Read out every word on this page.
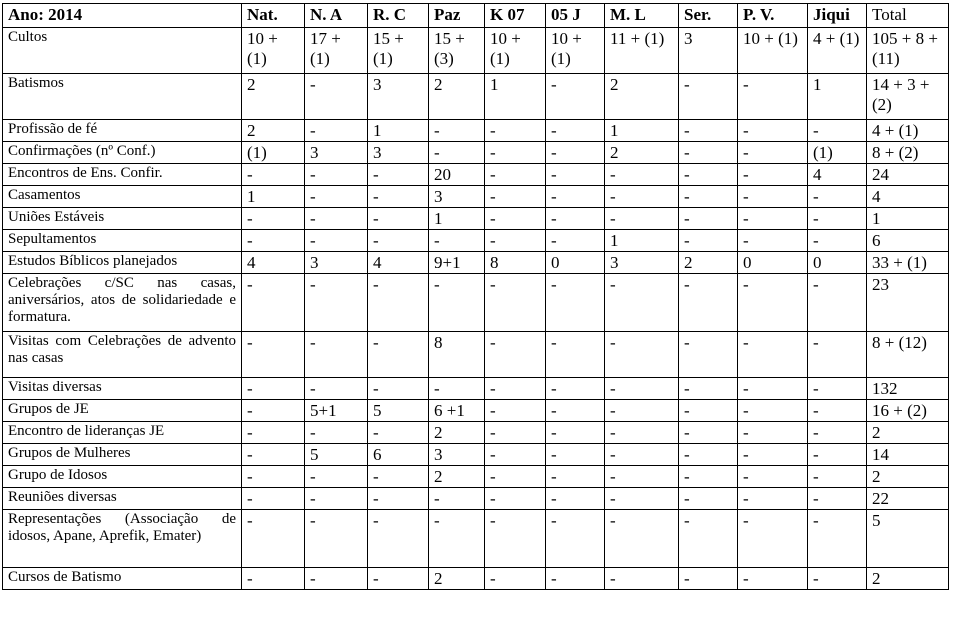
Ano: 2014	Nat.	N. A	R. C	Paz	K 07	05 J	M. L	Ser.	P. V.	Jiqui	Total
Cultos	10 + (1)	17 + (1)	15 + (1)	15 + (3)	10 + (1)	10 + (1)	11 + (1)	3	10 + (1)	4 + (1)	105 + 8 + (11)
Batismos	2	-	3	2	1	-	2	-	-	1	14 + 3 + (2)
Profissão de fé	2	-	1	-	-	-	1	-	-	-	4 + (1)
Confirmações (nº Conf.)	(1)	3	3	-	-	-	2	-	-	(1)	8 + (2)
Encontros de Ens. Confir.	-	-	-	20	-	-	-	-	-	4	24
Casamentos	1	-	-	3	-	-	-	-	-	-	4
Uniões Estáveis	-	-	-	1	-	-	-	-	-	-	1
Sepultamentos	-	-	-	-	-	-	1	-	-	-	6
Estudos Bíblicos planejados	4	3	4	9+1	8	0	3	2	0	0	33 + (1)
Celebrações c/SC nas casas, aniversários, atos de solidariedade e formatura.	-	-	-	-	-	-	-	-	-	-	23
Visitas com Celebrações de advento nas casas	-	-	-	8	-	-	-	-	-	-	8 + (12)
Visitas diversas	-	-	-	-	-	-	-	-	-	-	132
Grupos de JE	-	5+1	5	6 +1	-	-	-	-	-	-	16 + (2)
Encontro de lideranças JE	-	-	-	2	-	-	-	-	-	-	2
Grupos de Mulheres	-	5	6	3	-	-	-	-	-	-	14
Grupo de Idosos	-	-	-	2	-	-	-	-	-	-	2
Reuniões diversas	-	-	-	-	-	-	-	-	-	-	22
Representações (Associação de idosos, Apane, Aprefik, Emater)	-	-	-	-	-	-	-	-	-	-	5
Cursos de Batismo	-	-	-	2	-	-	-	-	-	-	2
